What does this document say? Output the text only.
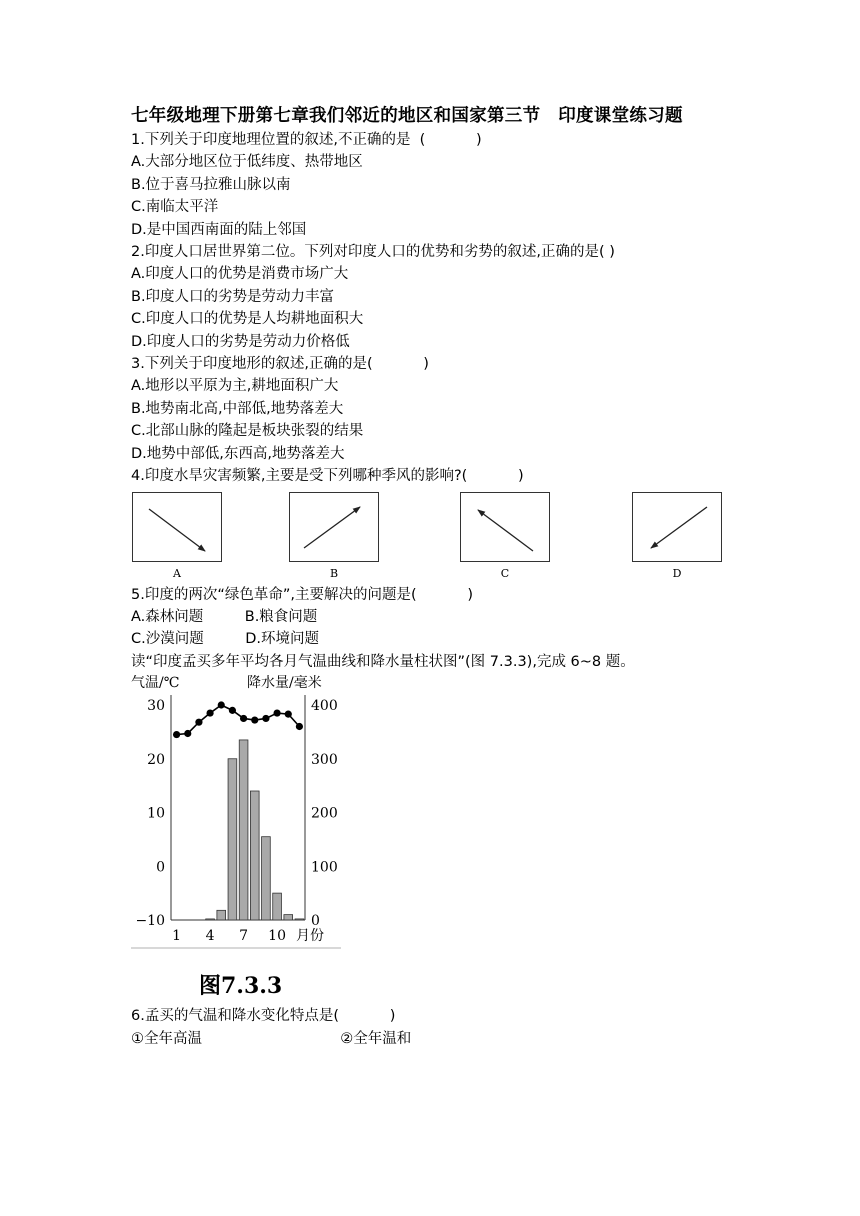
七年级地理下册第七章我们邻近的地区和国家第三节　印度课堂练习题
1.下列关于印度地理位置的叙述,不正确的是  (           )
A.大部分地区位于低纬度、热带地区
B.位于喜马拉雅山脉以南
C.南临太平洋
D.是中国西南面的陆上邻国
2.印度人口居世界第二位。下列对印度人口的优势和劣势的叙述,正确的是( )
A.印度人口的优势是消费市场广大
B.印度人口的劣势是劳动力丰富
C.印度人口的优势是人均耕地面积大
D.印度人口的劣势是劳动力价格低
3.下列关于印度地形的叙述,正确的是(           )
A.地形以平原为主,耕地面积广大
B.地势南北高,中部低,地势落差大
C.北部山脉的隆起是板块张裂的结果
D.地势中部低,东西高,地势落差大
4.印度水旱灾害频繁,主要是受下列哪种季风的影响?(           )
A	B	C	D
5.印度的两次“绿色革命”,主要解决的问题是(           )
A.森林问题         B.粮食问题
C.沙漠问题         D.环境问题
读“印度孟买多年平均各月气温曲线和降水量柱状图”(图 7.3.3),完成 6~8 题。
气温/℃	降水量/毫米
30
20
10
0
−10
400
300
200
100
0
1 4 7 10 月份
图7.3.3
6.孟买的气温和降水变化特点是(           )
①全年高温                              ②全年温和
